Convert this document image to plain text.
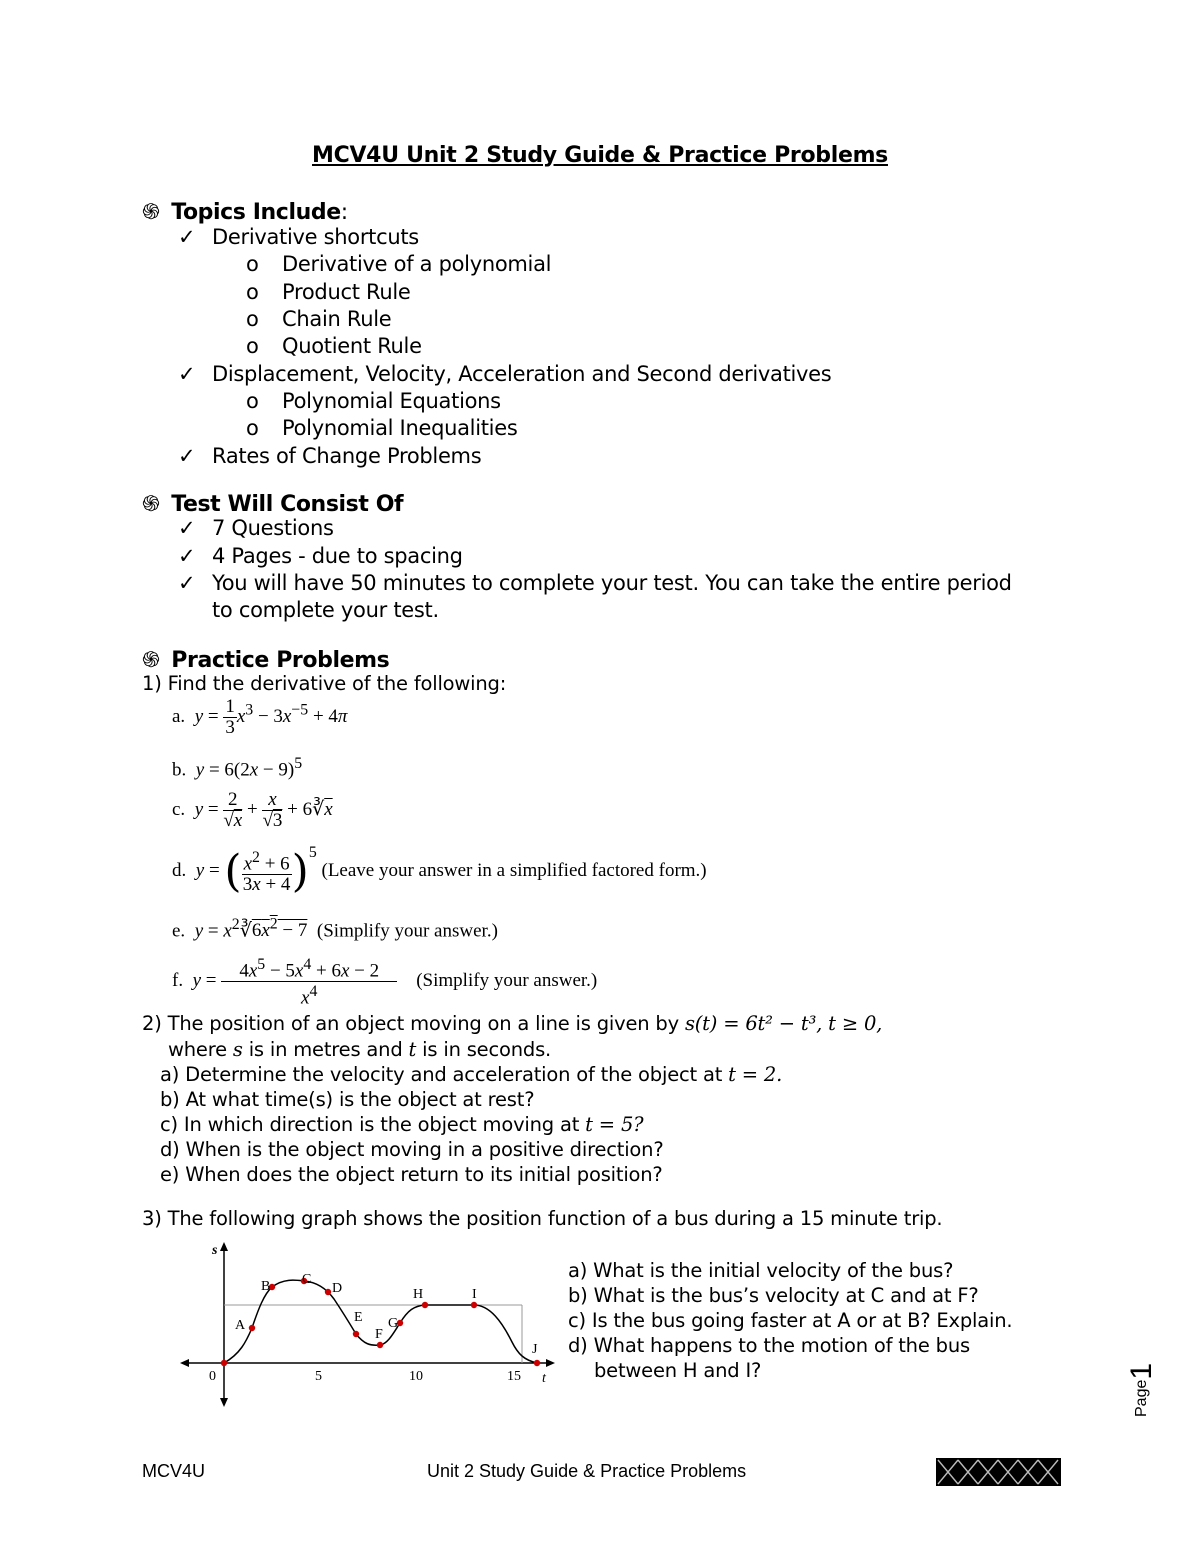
MCV4U Unit 2 Study Guide & Practice Problems
֍ Topics Include:
✓ Derivative shortcuts
o Derivative of a polynomial
o Product Rule
o Chain Rule
o Quotient Rule
✓ Displacement, Velocity, Acceleration and Second derivatives
o Polynomial Equations
o Polynomial Inequalities
✓ Rates of Change Problems
֍ Test Will Consist Of
✓ 7 Questions
✓ 4 Pages - due to spacing
✓ You will have 50 minutes to complete your test. You can take the entire period
to complete your test.
֍ Practice Problems
1) Find the derivative of the following:
a. $y = \frac{1}{3} x^3 - 3x^{-5} + 4\pi$
b. $y = 6(2x - 9)^5$
c. $y = \frac{2}{√x} + \frac{x}{√3}$ + $6∛\overline{x}$
d. y = ( $\frac{x^2 + 6}{3x + 4} )^5$ (Leave your answer in a simplified factored form.)
e. $y = x^2∛6x^2 - 7$ (Simplify your answer.)
f. $y = \frac{4x^5 - 5x^4 + 6x - 2}{x^4}$ (Simplify your answer.)
2) The position of an object moving on a line is given by s(t) = 6t² − t³, t ≥ 0,
where s is in metres and t is in seconds.
a) Determine the velocity and acceleration of the object at t = 2.
b) At what time(s) is the object at rest?
c) In which direction is the object moving at t = 5?
d) When is the object moving in a positive direction?
e) When does the object return to its initial position?
3) The following graph shows the position function of a bus during a 15 minute trip.
s
t
0	5	10	15
A
B C
D
E
F
G
H	I
J
a) What is the initial velocity of the bus?
b) What is the bus’s velocity at C and at F?
c) Is the bus going faster at A or at B? Explain.
d) What happens to the motion of the bus
between H and I?
Page1
MCV4U	Unit 2 Study Guide & Practice Problems
